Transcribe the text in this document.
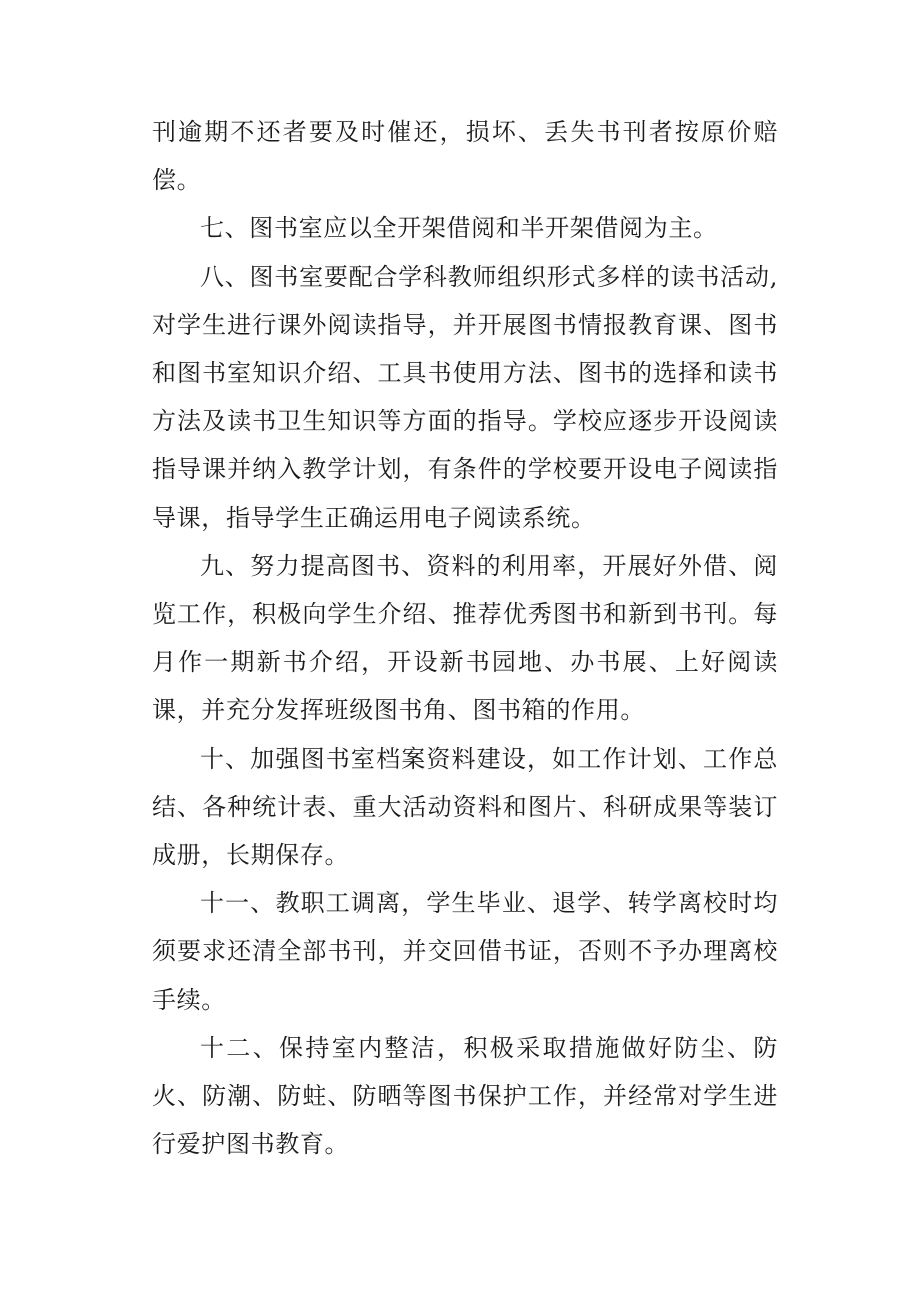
刊逾期不还者要及时催还，损坏、丢失书刊者按原价赔偿。

七、图书室应以全开架借阅和半开架借阅为主。

八、图书室要配合学科教师组织形式多样的读书活动,对学生进行课外阅读指导，并开展图书情报教育课、图书和图书室知识介绍、工具书使用方法、图书的选择和读书方法及读书卫生知识等方面的指导。学校应逐步开设阅读指导课并纳入教学计划，有条件的学校要开设电子阅读指导课，指导学生正确运用电子阅读系统。

九、努力提高图书、资料的利用率，开展好外借、阅览工作，积极向学生介绍、推荐优秀图书和新到书刊。每月作一期新书介绍，开设新书园地、办书展、上好阅读课，并充分发挥班级图书角、图书箱的作用。

十、加强图书室档案资料建设，如工作计划、工作总结、各种统计表、重大活动资料和图片、科研成果等装订成册，长期保存。

十一、教职工调离，学生毕业、退学、转学离校时均须要求还清全部书刊，并交回借书证，否则不予办理离校手续。

十二、保持室内整洁，积极采取措施做好防尘、防火、防潮、防蛀、防晒等图书保护工作，并经常对学生进行爱护图书教育。
